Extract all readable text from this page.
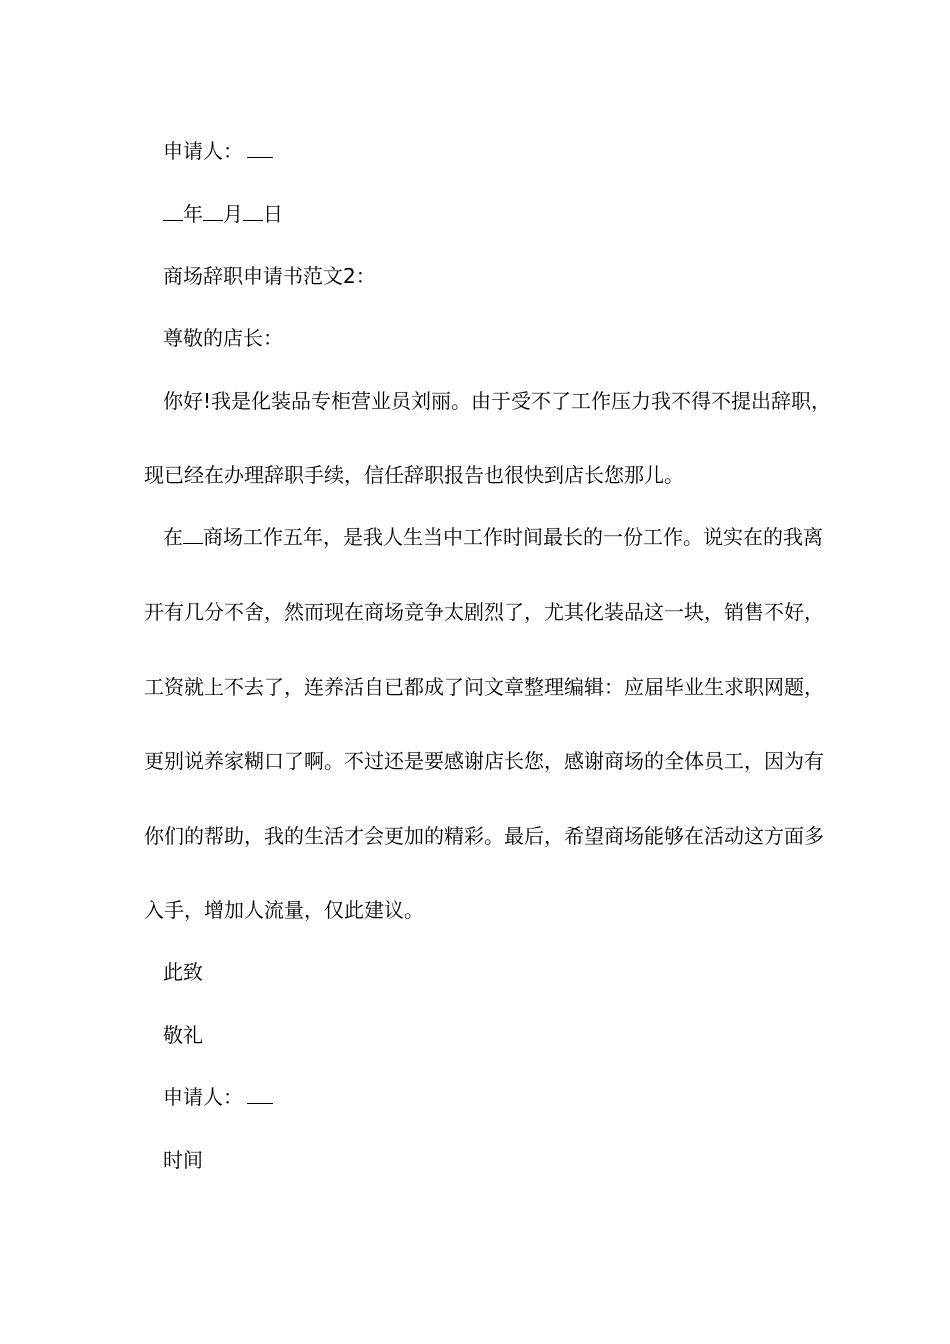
申请人：
年 月 日
商场辞职申请书范文2：
尊敬的店长：
你好!我是化装品专柜营业员刘丽。由于受不了工作压力我不得不提出辞职，
现已经在办理辞职手续，信任辞职报告也很快到店长您那儿。
在 商场工作五年，是我人生当中工作时间最长的一份工作。说实在的我离
开有几分不舍，然而现在商场竞争太剧烈了，尤其化装品这一块，销售不好，
工资就上不去了，连养活自已都成了问文章整理编辑：应届毕业生求职网题，
更别说养家糊口了啊。不过还是要感谢店长您，感谢商场的全体员工，因为有
你们的帮助，我的生活才会更加的精彩。最后，希望商场能够在活动这方面多
入手，增加人流量，仅此建议。
此致
敬礼
申请人：
时间
